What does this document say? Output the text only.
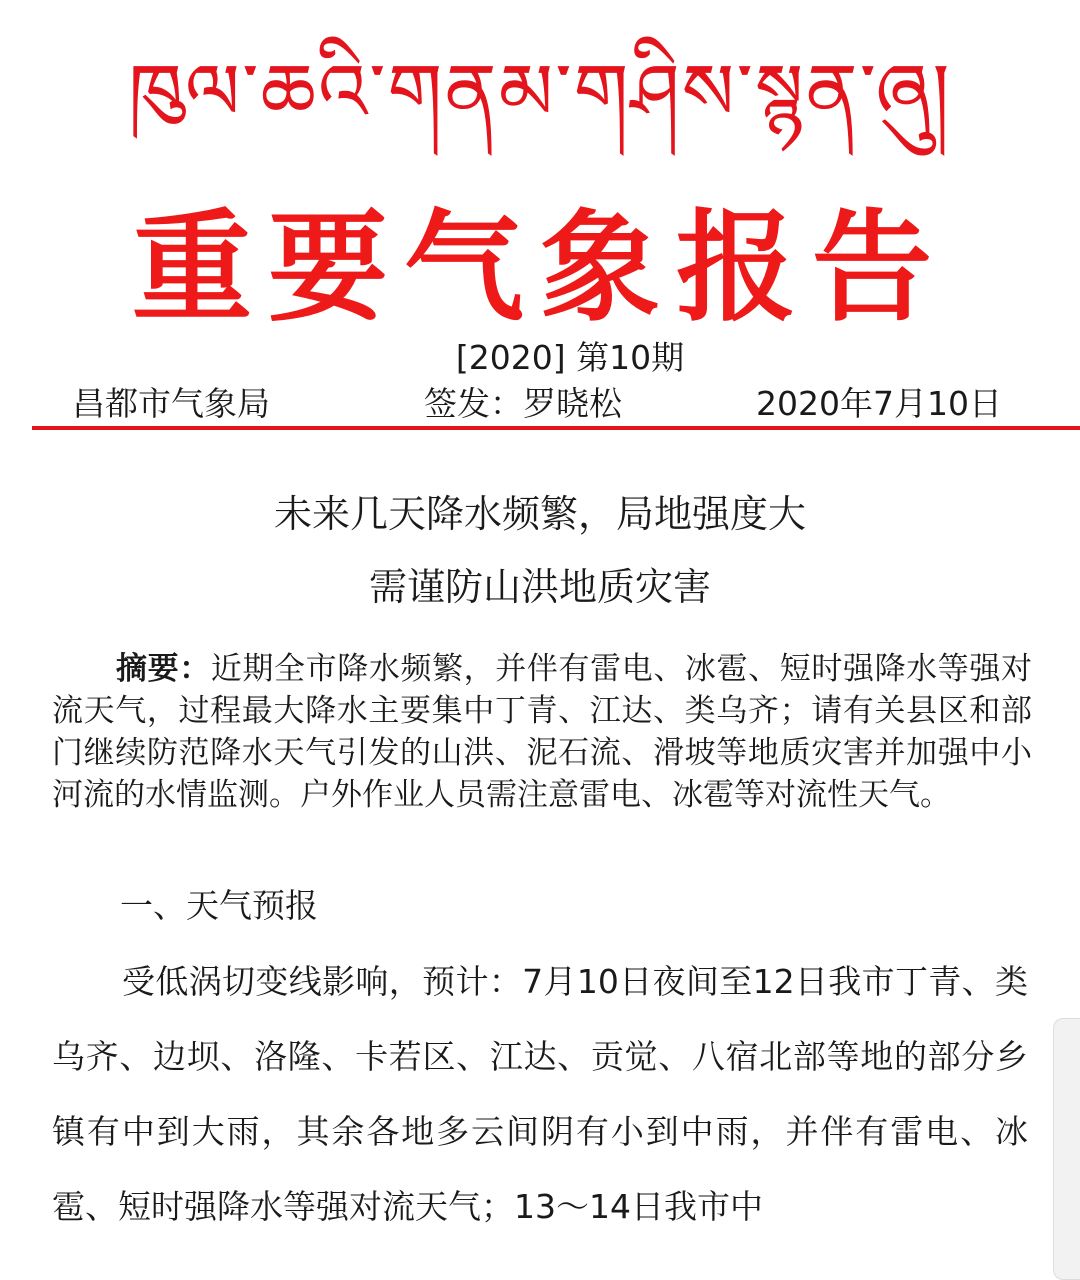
ཁུལ་ཆའི་གནམ་གཤིས་སྙན་ཞུ།
重要气象报告
[2020] 第10期
昌都市气象局	签发：罗晓松	2020年7月10日
未来几天降水频繁，局地强度大
需谨防山洪地质灾害
摘要：近期全市降水频繁，并伴有雷电、冰雹、短时强降水等强对流天气，过程最大降水主要集中丁青、江达、类乌齐；请有关县区和部门继续防范降水天气引发的山洪、泥石流、滑坡等地质灾害并加强中小河流的水情监测。户外作业人员需注意雷电、冰雹等对流性天气。
一、天气预报
受低涡切变线影响，预计：7月10日夜间至12日我市丁青、类乌齐、边坝、洛隆、卡若区、江达、贡觉、八宿北部等地的部分乡镇有中到大雨，其余各地多云间阴有小到中雨，并伴有雷电、冰雹、短时强降水等强对流天气；13～14日我市中
